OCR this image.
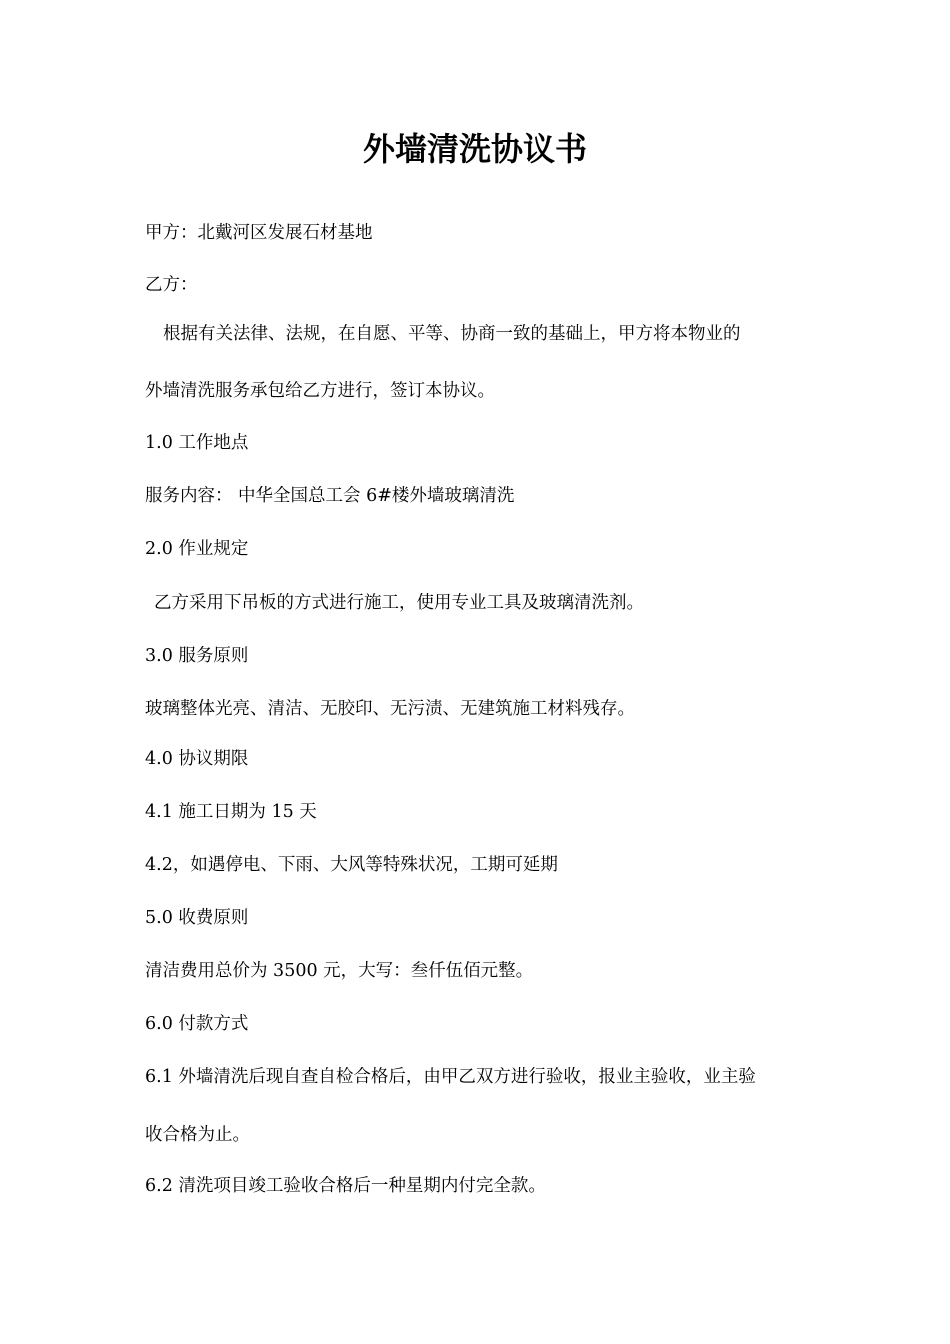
外墙清洗协议书
甲方：北戴河区发展石材基地
乙方：
根据有关法律、法规，在自愿、平等、协商一致的基础上，甲方将本物业的
外墙清洗服务承包给乙方进行，签订本协议。
1.0 工作地点
服务内容： 中华全国总工会 6#楼外墙玻璃清洗
2.0 作业规定
乙方采用下吊板的方式进行施工，使用专业工具及玻璃清洗剂。
3.0 服务原则
玻璃整体光亮、清洁、无胶印、无污渍、无建筑施工材料残存。
4.0 协议期限
4.1 施工日期为 15 天
4.2，如遇停电、下雨、大风等特殊状况，工期可延期
5.0 收费原则
清洁费用总价为 3500 元，大写：叁仟伍佰元整。
6.0 付款方式
6.1 外墙清洗后现自查自检合格后，由甲乙双方进行验收，报业主验收，业主验
收合格为止。
6.2 清洗项目竣工验收合格后一种星期内付完全款。
